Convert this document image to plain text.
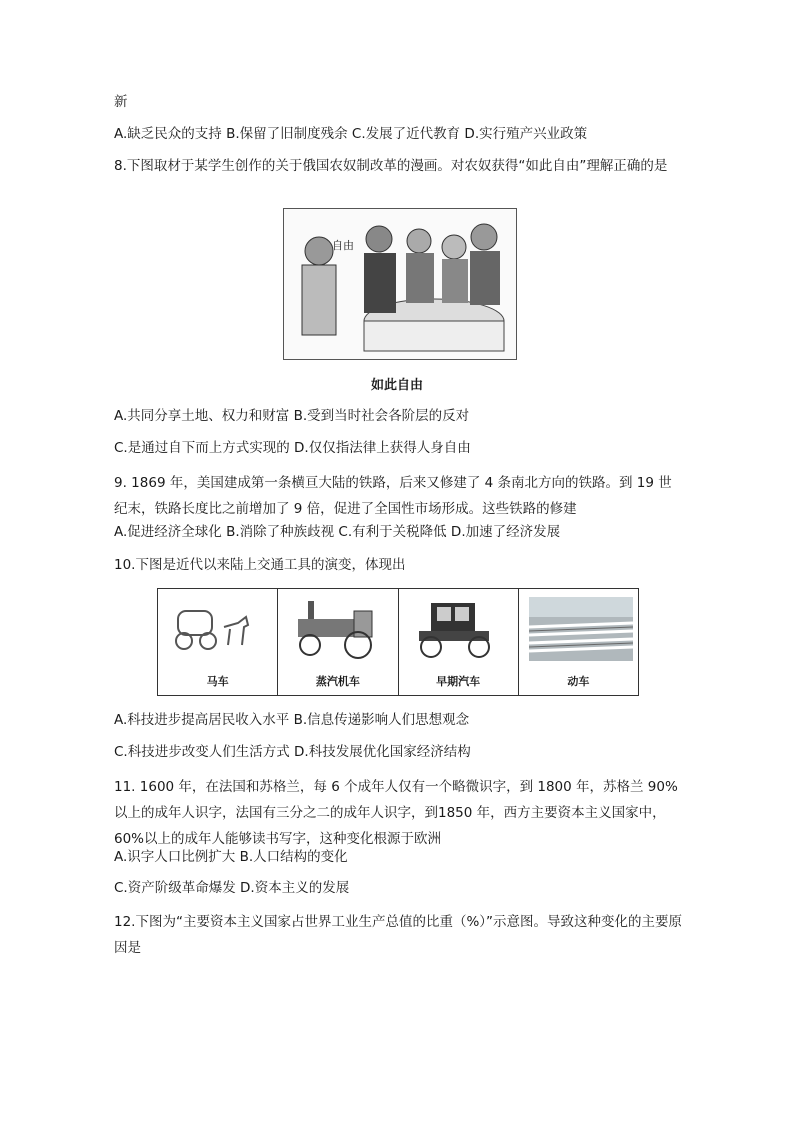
新
A.缺乏民众的支持 B.保留了旧制度残余 C.发展了近代教育 D.实行殖产兴业政策
8.下图取材于某学生创作的关于俄国农奴制改革的漫画。对农奴获得“如此自由”理解正确的是
自由
如此自由
A.共同分享土地、权力和财富 B.受到当时社会各阶层的反对
C.是通过自下而上方式实现的 D.仅仅指法律上获得人身自由
9. 1869 年，美国建成第一条横亘大陆的铁路，后来又修建了 4 条南北方向的铁路。到 19 世纪末，铁路长度比之前增加了 9 倍，促进了全国性市场形成。这些铁路的修建
A.促进经济全球化 B.消除了种族歧视 C.有利于关税降低 D.加速了经济发展
10.下图是近代以来陆上交通工具的演变，体现出
马车	蒸汽机车	早期汽车	动车
A.科技进步提高居民收入水平 B.信息传递影响人们思想观念
C.科技进步改变人们生活方式 D.科技发展优化国家经济结构
11. 1600 年，在法国和苏格兰，每 6 个成年人仅有一个略微识字，到 1800 年，苏格兰 90% 以上的成年人识字，法国有三分之二的成年人识字，到1850 年，西方主要资本主义国家中，60%以上的成年人能够读书写字，这种变化根源于欧洲
A.识字人口比例扩大 B.人口结构的变化
C.资产阶级革命爆发 D.资本主义的发展
12.下图为“主要资本主义国家占世界工业生产总值的比重（%）”示意图。导致这种变化的主要原因是
